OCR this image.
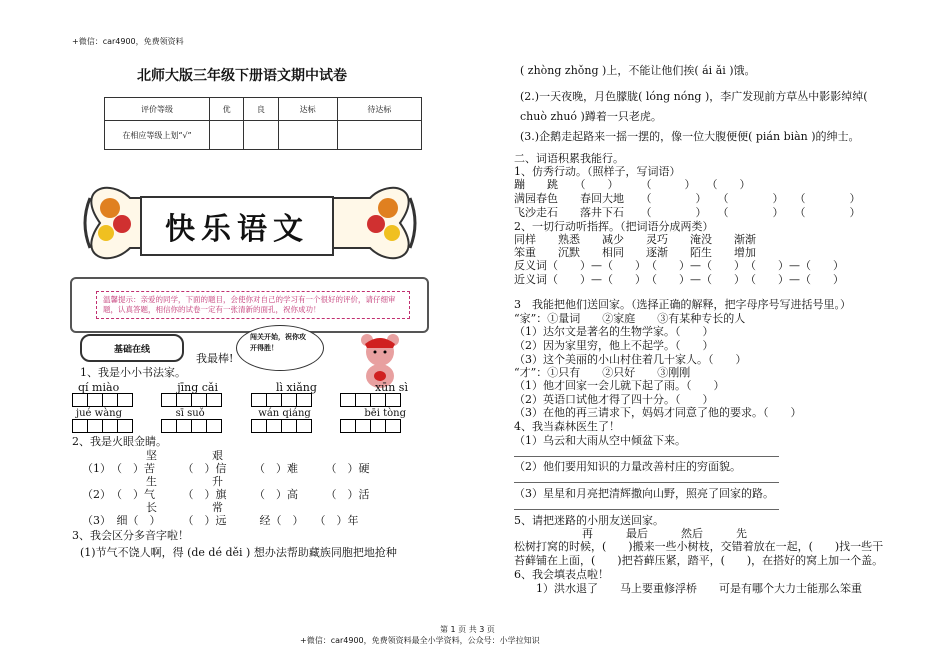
+微信：car4900，免费领资料
第 1 页 共 3 页
+微信：car4900，免费领资料最全小学资料，公众号：小学拉知识
北师大版三年级下册语文期中试卷
评价等级	优	良	达标	待达标
在相应等级上划“√”				
快乐语文
温馨提示：亲爱的同学，下面的题目，会使你对自己的学习有一个很好的评价，请仔细审题，认真答题，相信你的试卷一定有一张清新的面孔，祝你成功！
基础在线
闯关开始，祝你攻开得胜！
我最棒!
1、我是小小书法家。
qí miào	jīng cǎi	lì xiǎng	xūn sì
jué wàng	sī suǒ	wán qiáng	bēi tòng
2、我是火眼金睛。
坚	艰
（1）　（　）苦　　　（　）信　　　（　）难　　　（　）硬
生	升
（2）　（　）气　　　（　）旗　　　（　）高　　　（　）活
长	常
（3）　细（　）　　　（　）远　　　经（　）　　（　）年
3、我会区分多音字啦！
(1)节气不饶人啊，得 (de dé děi ) 想办法帮助藏族同胞把地抢种
( zhòng zhǒng )上，不能让他们挨( ái ǎi )饿。
(2.)一天夜晚，月色朦胧( lóng nóng )，李广发现前方草丛中影影绰绰(
chuò zhuó )蹲着一只老虎。
(3.)企鹅走起路来一摇一摆的，像一位大腹便便( pián biàn )的绅士。
二、词语积累我能行。
1、仿秀行动。（照样子，写词语）
蹦　　跳　　（　　）　　　（　　　）　　（　　）
满园春色　　春回大地　　（　　　　）　　（　　　　）　　（　　　　）
飞沙走石　　落井下石　　（　　　　）　　（　　　　）　　（　　　　）
2、一切行动听指挥。（把词语分成两类）
同样　　熟悉　　减少　　灵巧　　淹没　　渐渐
笨重　　沉默　　相同　　逐渐　　陌生　　增加
反义词（　　）—（　　）　（　　）—（　　）　（　　）—（　　）
近义词（　　）—（　　）　（　　）—（　　）　（　　）—（　　）
3　我能把他们送回家。（选择正确的解释，把字母序号写进括号里。）
“家”：①量词　　②家庭　　③有某种专长的人
（1）达尔文是著名的生物学家。（　　）
（2）因为家里穷，他上不起学。（　　）
（3）这个美丽的小山村住着几十家人。（　　）
“才”：①只有　　②只好　　③刚刚
（1）他才回家一会儿就下起了雨。（　　）
（2）英语口试他才得了四十分。（　　）
（3）在他的再三请求下，妈妈才同意了他的要求。（　　）
4、我当森林医生了！
（1）乌云和大雨从空中倾盆下来。
（2）他们要用知识的力量改善村庄的穷面貌。
（3）星星和月亮把清辉撒向山野，照亮了回家的路。
5、请把迷路的小朋友送回家。
再　　　最后　　　然后　　　先
松树打窝的时候，(　　)搬来一些小树枝，交错着放在一起，(　　)找一些干
苔藓铺在上面，(　　)把苔藓压紧，踏平，(　　)，在搭好的窝上加一个盖。
6、我会填表点啦！
1）洪水退了　　马上要重修浮桥　　可是有哪个大力士能那么笨重
